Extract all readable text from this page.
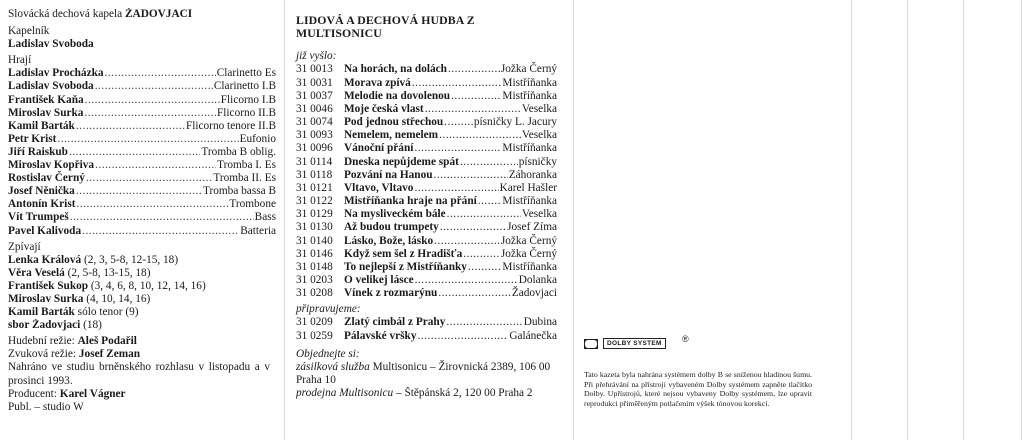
Slovácká dechová kapela ŽADOVJACI
Kapelník
Ladislav Svoboda
Hrají
Ladislav Procházka .....	Clarinetto Es
Ladislav Svoboda .....	Clarinetto I.B
František Kaňa .....	Flicorno I.B
Miroslav Surka .....	Flicorno II.B
Kamil Barták .....	Flicorno tenore II.B
Petr Krist .....	Eufonio
Jiří Raiskub .....	Tromba B oblig.
Miroslav Kopřiva .....	Tromba I. Es
Rostislav Černý .....	Tromba II. Es
Josef Něnička .....	Tromba bassa B
Antonín Krist .....	Trombone
Vít Trumpeš .....	Bass
Pavel Kalivoda .....	Batteria
Zpívají
Lenka Králová (2, 3, 5-8, 12-15, 18)
Věra Veselá (2, 5-8, 13-15, 18)
František Sukop (3, 4, 6, 8, 10, 12, 14, 16)
Miroslav Surka (4, 10, 14, 16)
Kamil Barták sólo tenor (9)
sbor Žadovjaci (18)
Hudební režie: Aleš Podařil
Zvuková režie: Josef Zeman
Nahráno ve studiu brněnského rozhlasu v listopadu a v prosinci 1993.
Producent: Karel Vágner
Publ. – studio W
LIDOVÁ A DECHOVÁ HUDBA Z MULTISONICU
již vyšlo:
31 0013 Na horách, na dolách .....	Jožka Černý
31 0031 Morava zpívá .....	Mistříňanka
31 0037 Melodie na dovolenou .....	Mistříňanka
31 0046 Moje česká vlast .....	Veselka
31 0074 Pod jednou střechou .....	písničky L. Jacury
31 0093 Nemelem, nemelem .....	Veselka
31 0096 Vánoční přání .....	Mistříňanka
31 0114	Dneska nepůjdeme spát .....	písničky
31 0118	Pozvání na Hanou .....	Záhoranka
31 0121 Vltavo, Vltavo .....	Karel Hašler
31 0122 Mistříňanka hraje na přání ..... Mistříňanka
31 0129 Na mysliveckém bále .....	Veselka
31 0130 Až budou trumpety .....	Josef Zíma
31 0140 Lásko, Bože, lásko .....	Jožka Černý
31 0146 Když sem šel z Hradišťa .....	Jožka Černý
31 0148 To nejlepší z Mistříňanky .....	Mistříňanka
31 0203 O velikej lásce .....	Dolanka
31 0208 Vínek z rozmarýnu .....	Žadovjaci
připravujeme:
31 0209 Zlatý cimbál z Prahy .....	Dubina
31 0259 Pálavské vršky .....	Galánečka
Objednejte si:
zásilková služba Multisonicu – Žirovnická 2389, 106 00 Praha 10
prodejna Multisonicu – Štěpánská 2, 120 00 Praha 2
DOLBY SYSTEM	®
Tato kazeta byla nahrána systémem dolby B se sníženou hladinou šumu. Při přehrávání na přístroji vybaveném Dolby systémem zapněte tlačítko Dolby. Upřístrojů, které nejsou vybaveny Dolby systémem, lze upravit reprodukci přiměřeným potlačením výšek tónovou korekcí.
